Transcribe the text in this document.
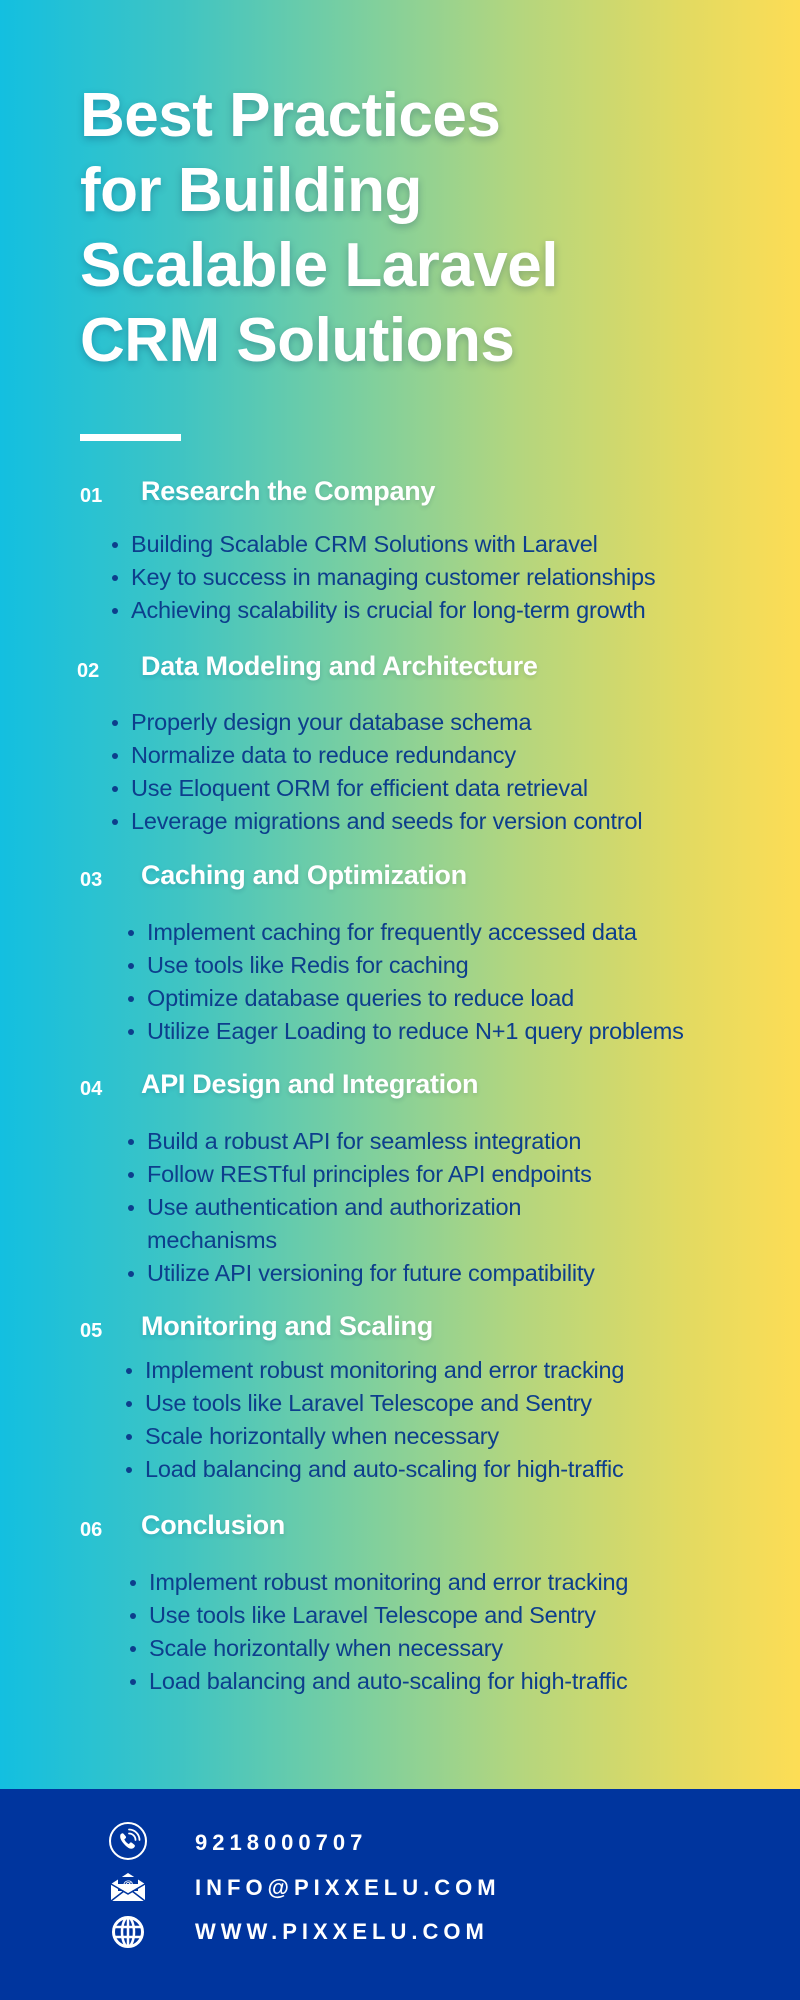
Best Practices
for Building
Scalable Laravel
CRM Solutions
01 Research the Company
Building Scalable CRM Solutions with Laravel
Key to success in managing customer relationships
Achieving scalability is crucial for long-term growth
02 Data Modeling and Architecture
Properly design your database schema
Normalize data to reduce redundancy
Use Eloquent ORM for efficient data retrieval
Leverage migrations and seeds for version control
03 Caching and Optimization
Implement caching for frequently accessed data
Use tools like Redis for caching
Optimize database queries to reduce load
Utilize Eager Loading to reduce N+1 query problems
04 API Design and Integration
Build a robust API for seamless integration
Follow RESTful principles for API endpoints
Use authentication and authorization mechanisms
Utilize API versioning for future compatibility
05 Monitoring and Scaling
Implement robust monitoring and error tracking
Use tools like Laravel Telescope and Sentry
Scale horizontally when necessary
Load balancing and auto-scaling for high-traffic
06 Conclusion
Implement robust monitoring and error tracking
Use tools like Laravel Telescope and Sentry
Scale horizontally when necessary
Load balancing and auto-scaling for high-traffic
9218000707
INFO@PIXXELU.COM
WWW.PIXXELU.COM
